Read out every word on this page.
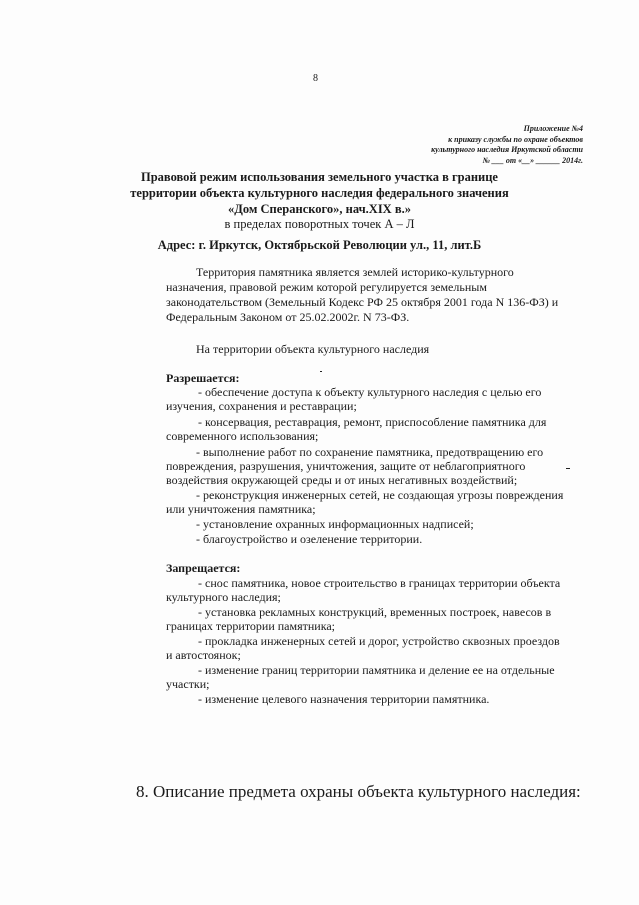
8
Приложение №4
к приказу службы по охране объектов
культурного наследия Иркутской области
№ ___ от «__» ______ 2014г.
Правовой режим использования земельного участка в границе
территории объекта культурного наследия федерального значения
«Дом Сперанского», нач.XIX в.»
в пределах поворотных точек А – Л
Адрес: г. Иркутск, Октябрьской Революции ул., 11, лит.Б
Территория памятника является землей историко-культурного
назначения, правовой режим которой регулируется земельным
законодательством (Земельный Кодекс РФ 25 октября 2001 года N 136-ФЗ) и
Федеральным Законом от 25.02.2002г. N 73-ФЗ.
На территории объекта культурного наследия
Разрешается:
- обеспечение доступа к объекту культурного наследия с целью его
изучения, сохранения и реставрации;
- консервация, реставрация, ремонт, приспособление памятника для
современного использования;
- выполнение работ по сохранение памятника, предотвращению его
повреждения, разрушения, уничтожения, защите от неблагоприятного
воздействия окружающей среды и от иных негативных воздействий;
- реконструкция инженерных сетей, не создающая угрозы повреждения
или уничтожения памятника;
- установление охранных информационных надписей;
- благоустройство и озеленение территории.
Запрещается:
- снос памятника, новое строительство в границах территории объекта
культурного наследия;
- установка рекламных конструкций, временных построек, навесов в
границах территории памятника;
- прокладка инженерных сетей и дорог, устройство сквозных проездов
и автостоянок;
- изменение границ территории памятника и деление ее на отдельные
участки;
- изменение целевого назначения территории памятника.
8. Описание предмета охраны объекта культурного наследия:
